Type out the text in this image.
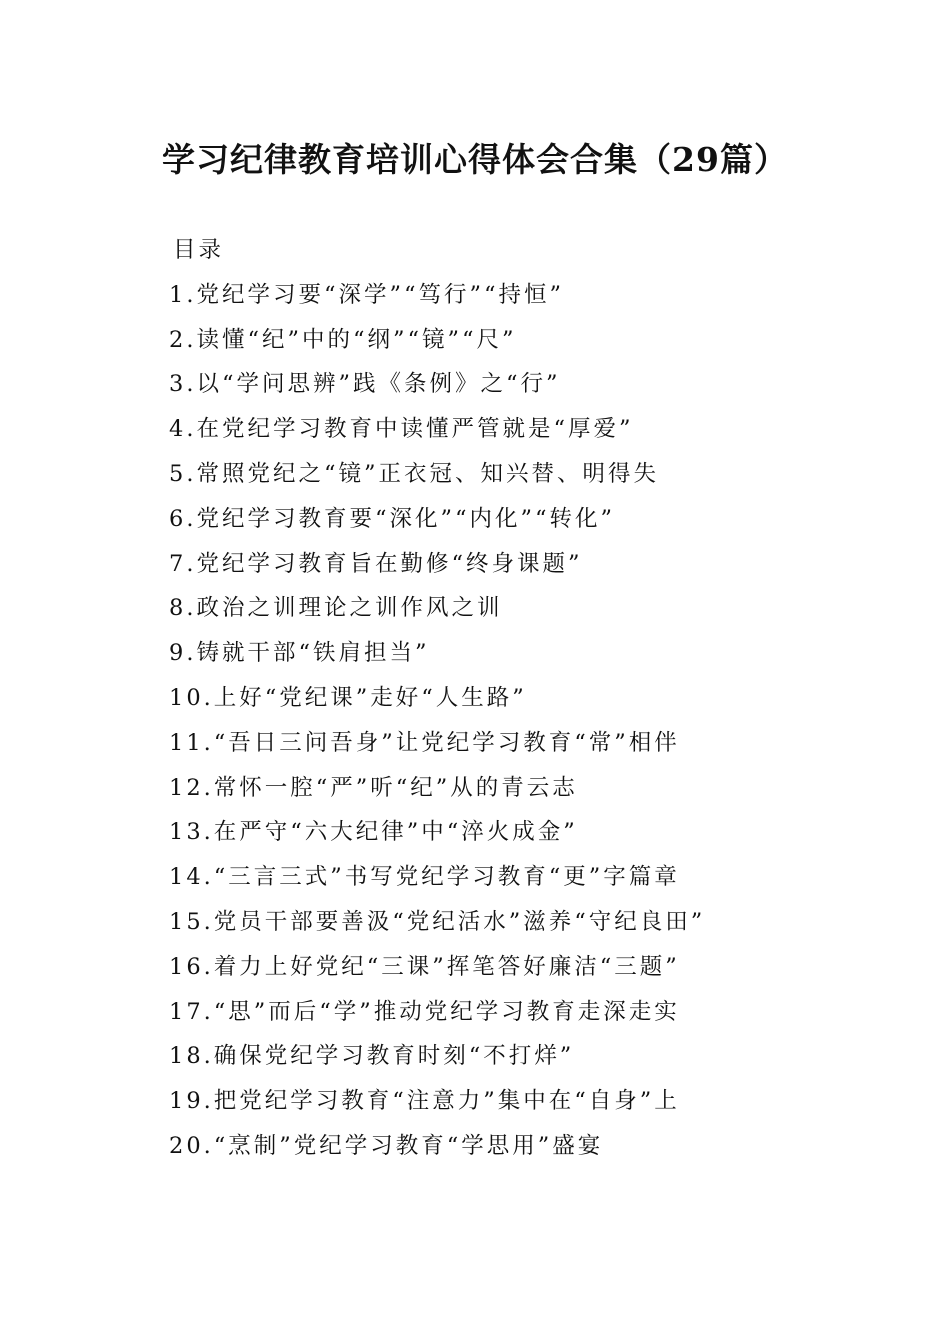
学习纪律教育培训心得体会合集（29篇）
目录
1.党纪学习要“深学”“笃行”“持恒”
2.读懂“纪”中的“纲”“镜”“尺”
3.以“学问思辨”践《条例》之“行”
4.在党纪学习教育中读懂严管就是“厚爱”
5.常照党纪之“镜”正衣冠、知兴替、明得失
6.党纪学习教育要“深化”“内化”“转化”
7.党纪学习教育旨在勤修“终身课题”
8.政治之训理论之训作风之训
9.铸就干部“铁肩担当”
10.上好“党纪课”走好“人生路”
11.“吾日三问吾身”让党纪学习教育“常”相伴
12.常怀一腔“严”听“纪”从的青云志
13.在严守“六大纪律”中“淬火成金”
14.“三言三式”书写党纪学习教育“更”字篇章
15.党员干部要善汲“党纪活水”滋养“守纪良田”
16.着力上好党纪“三课”挥笔答好廉洁“三题”
17.“思”而后“学”推动党纪学习教育走深走实
18.确保党纪学习教育时刻“不打烊”
19.把党纪学习教育“注意力”集中在“自身”上
20.“烹制”党纪学习教育“学思用”盛宴
